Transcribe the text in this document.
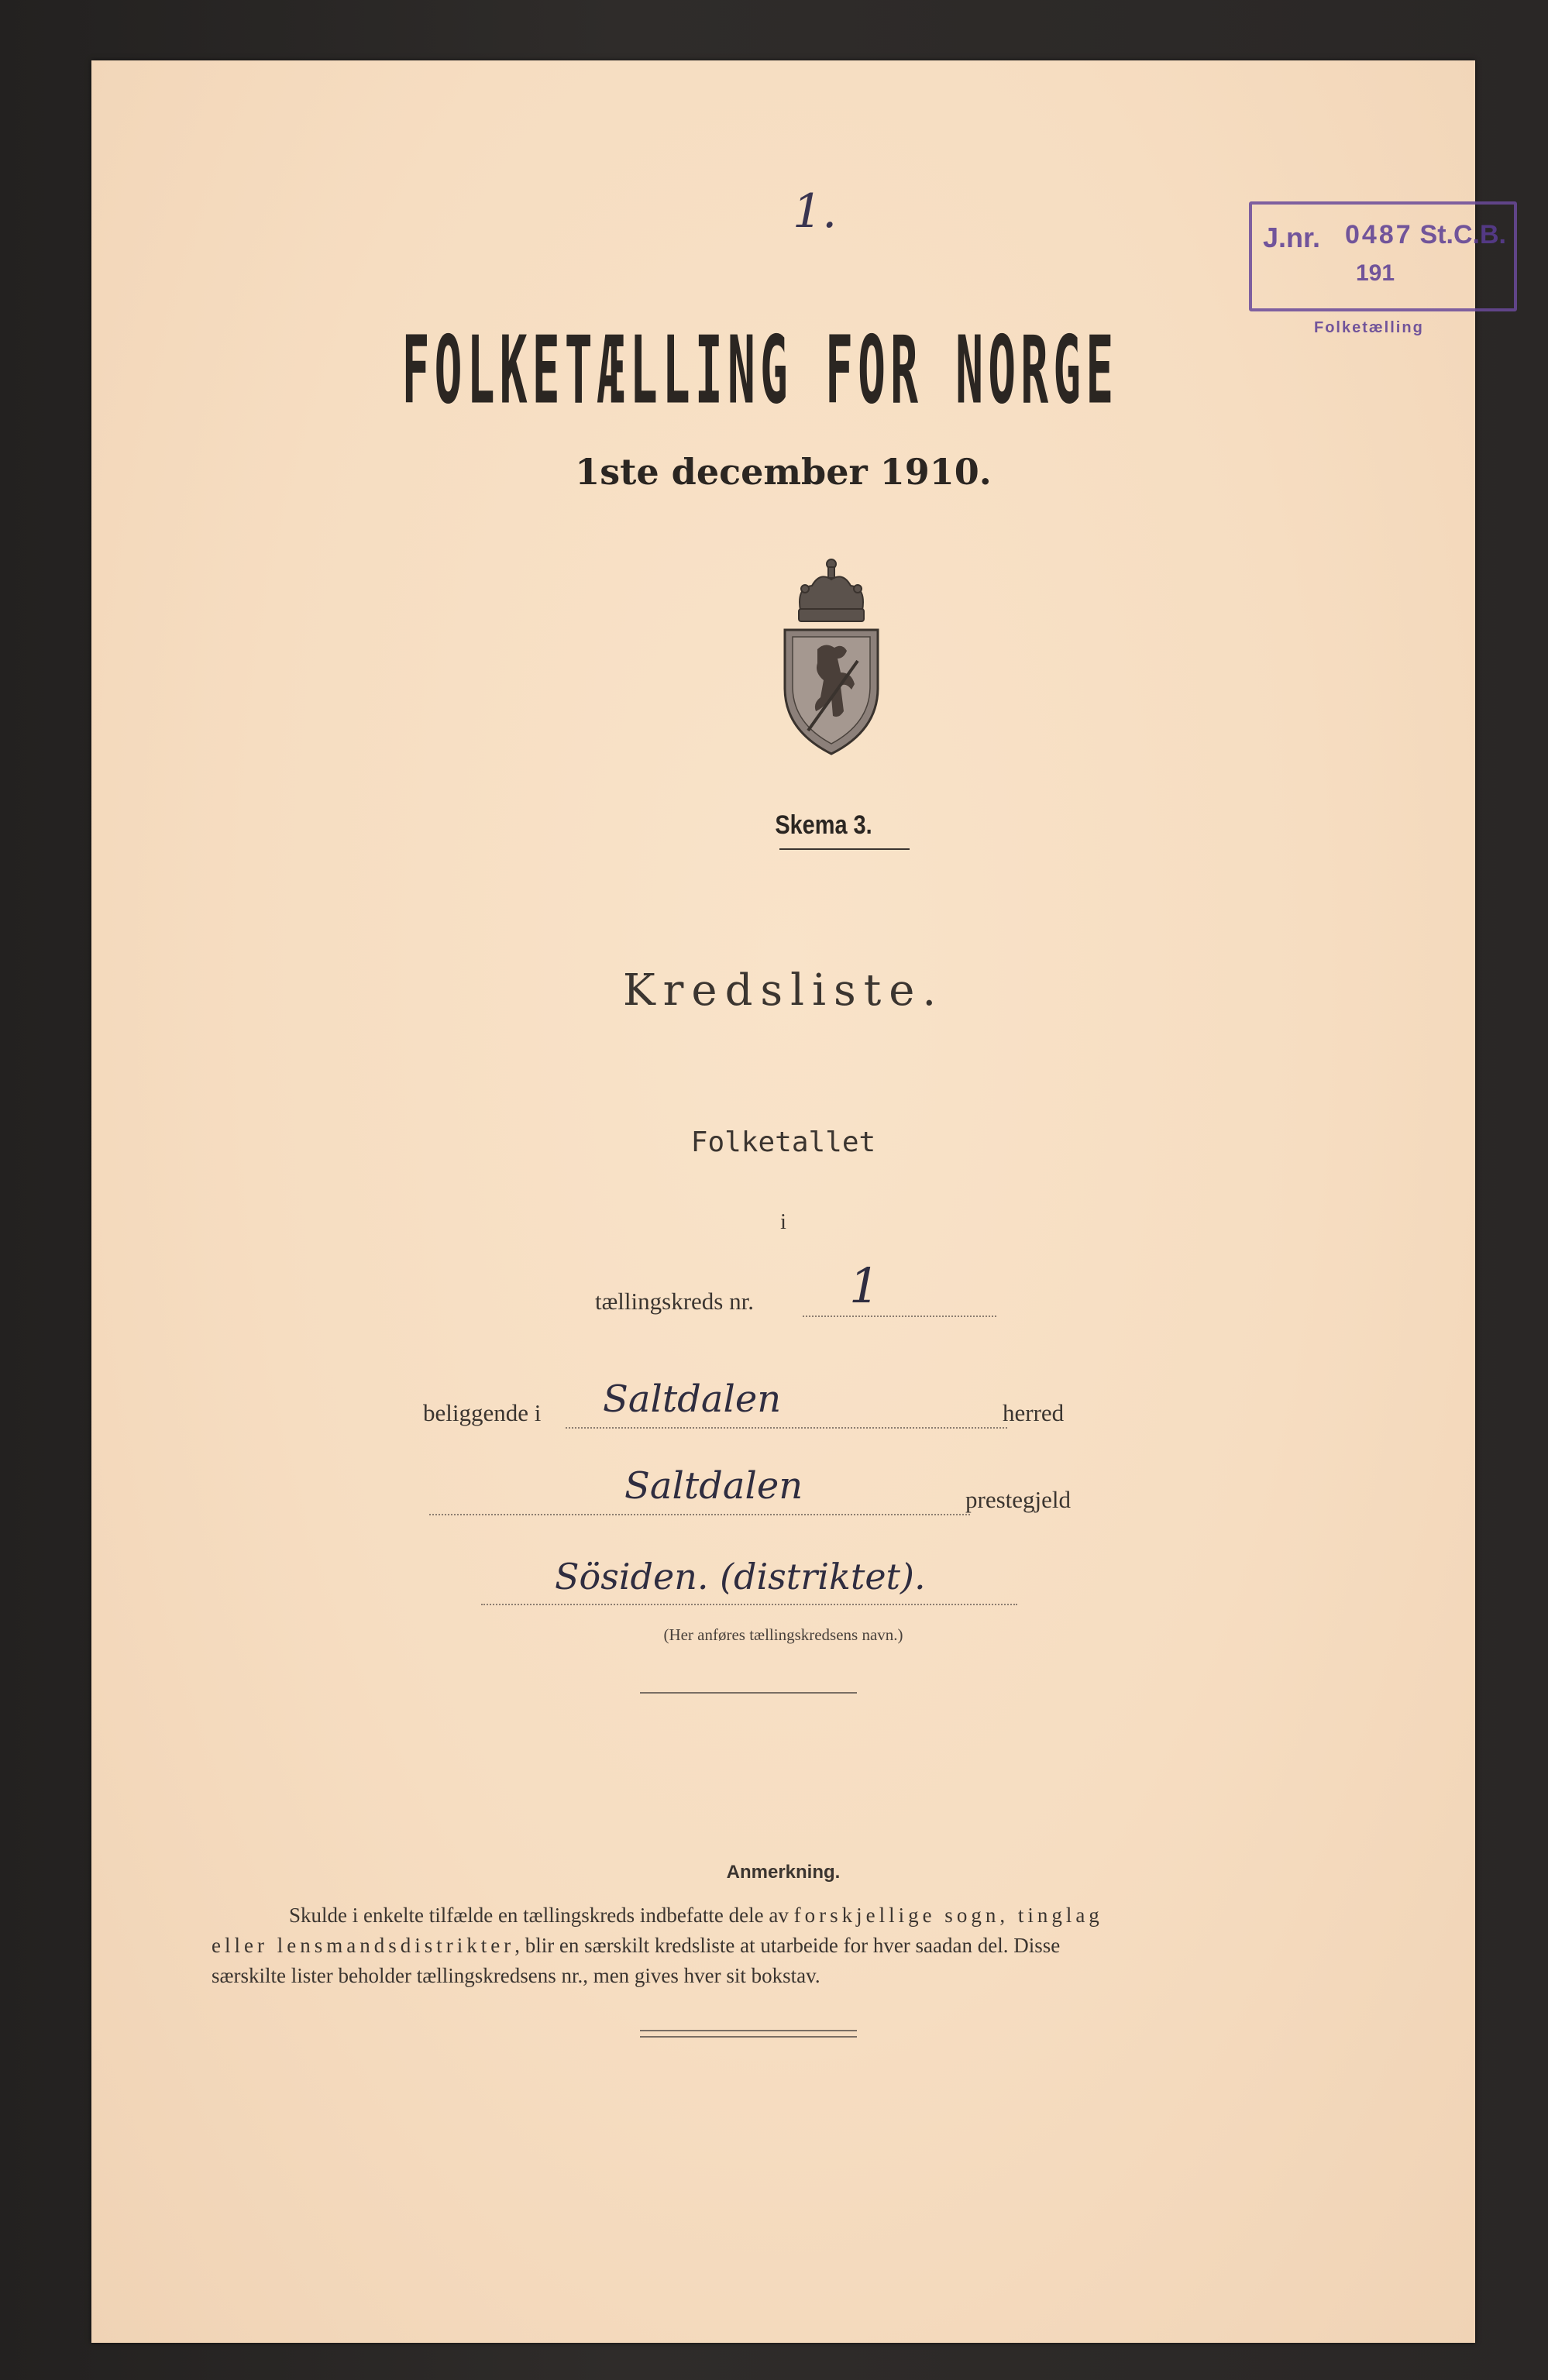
1.	J.nr. 0487 St.C.B.
191
Folketælling
FOLKETÆLLING FOR NORGE
1ste december 1910.
Skema 3.
Kredsliste.
Folketallet
i
tællingskreds nr. 1
beliggende i Saltdalen	herred
Saltdalen	prestegjeld
Sösiden. (distriktet).
(Her anføres tællingskredsens navn.)
Anmerkning.
Skulde i enkelte tilfælde en tællingskreds indbefatte dele av forskjellige sogn, tinglag
eller lensmandsdistrikter, blir en særskilt kredsliste at utarbeide for hver saadan del. Disse
særskilte lister beholder tællingskredsens nr., men gives hver sit bokstav.
